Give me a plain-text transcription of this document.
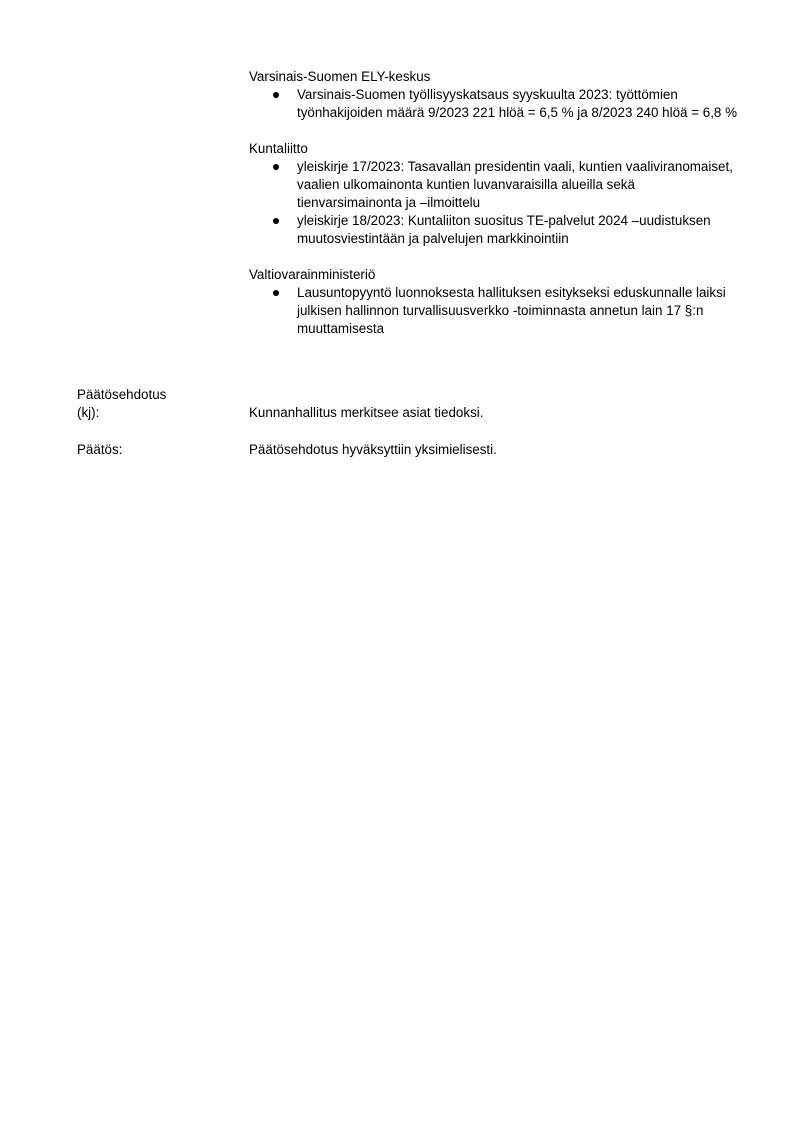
Varsinais-Suomen ELY-keskus
Varsinais-Suomen työllisyyskatsaus syyskuulta 2023: työttömien työnhakijoiden määrä 9/2023 221 hlöä = 6,5 % ja 8/2023 240 hlöä = 6,8 %
Kuntaliitto
yleiskirje 17/2023: Tasavallan presidentin vaali, kuntien vaaliviranomaiset, vaalien ulkomainonta kuntien luvanvaraisilla alueilla sekä tienvarsimainonta ja –ilmoittelu
yleiskirje 18/2023: Kuntaliiton suositus TE-palvelut 2024 –uudistuksen muutosviestintään ja palvelujen markkinointiin
Valtiovarainministeriö
Lausuntopyyntö luonnoksesta hallituksen esitykseksi eduskunnalle laiksi julkisen hallinnon turvallisuusverkko -toiminnasta annetun lain 17 §:n muuttamisesta
Päätösehdotus
(kj):	Kunnanhallitus merkitsee asiat tiedoksi.
Päätös:	Päätösehdotus hyväksyttiin yksimielisesti.
